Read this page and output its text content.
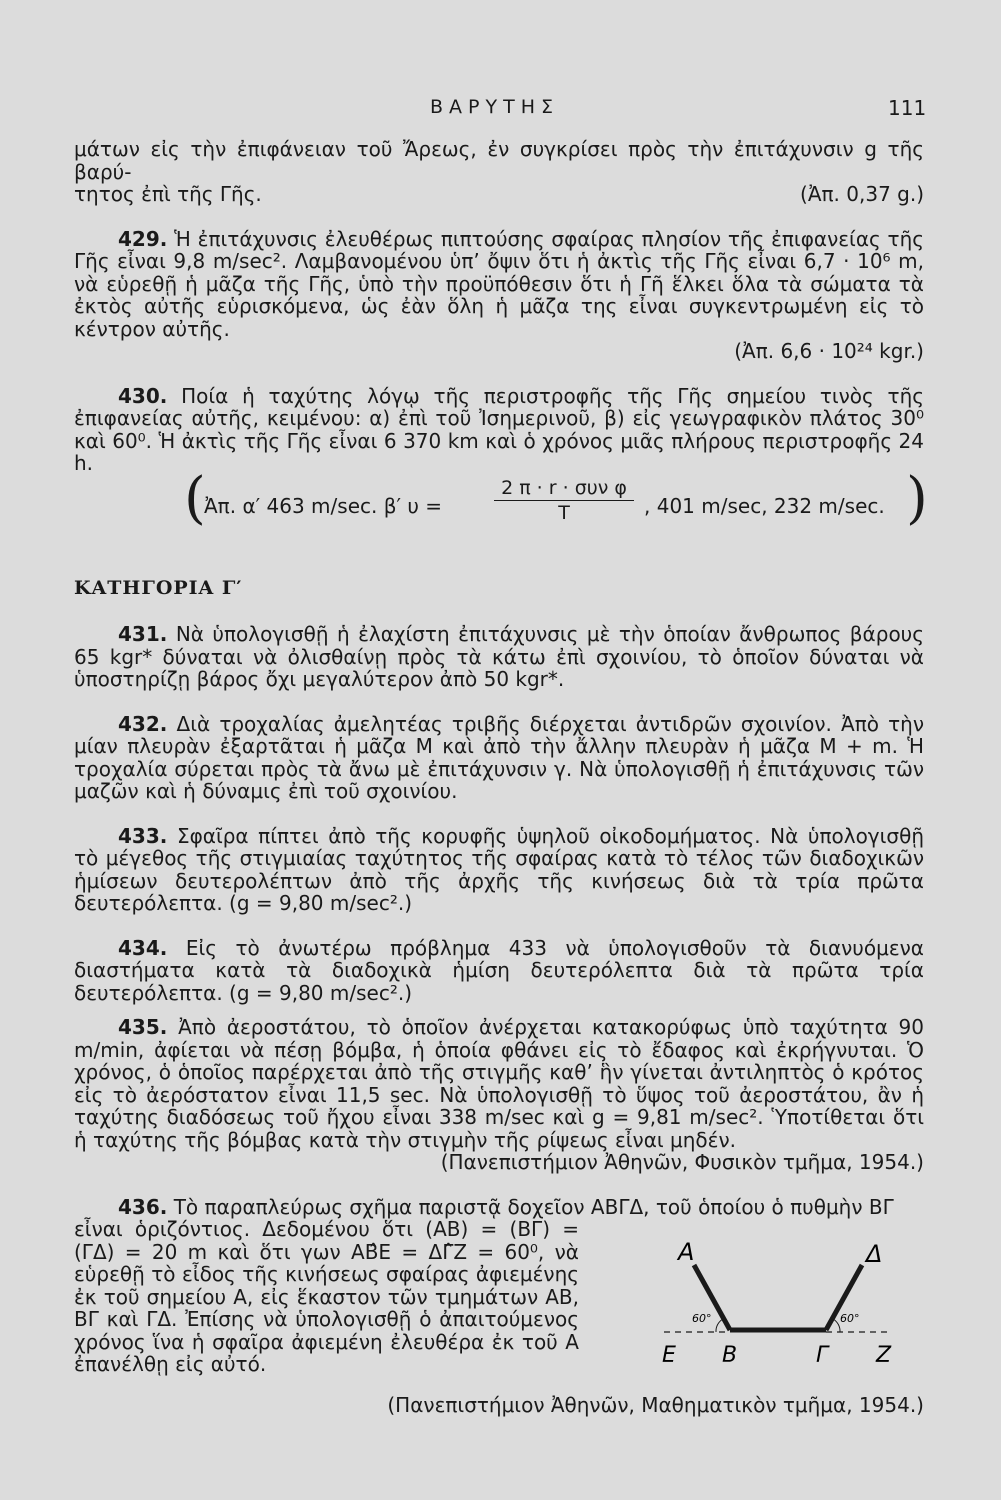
ΒΑΡΥΤΗΣ	111

μάτων εἰς τὴν ἐπιφάνειαν τοῦ Ἄρεως, ἐν συγκρίσει πρὸς τὴν ἐπιτάχυνσιν g τῆς βαρύ-

τητος ἐπὶ τῆς Γῆς.	(Ἀπ. 0,37 g.)

429. Ἡ ἐπιτάχυνσις ἐλευθέρως πιπτούσης σφαίρας πλησίον τῆς ἐπιφανείας τῆς Γῆς εἶναι 9,8 m/sec². Λαμβανομένου ὑπ’ ὄψιν ὅτι ἡ ἀκτὶς τῆς Γῆς εἶναι 6,7 · 10⁶ m, νὰ εὑρεθῇ ἡ μᾶζα τῆς Γῆς, ὑπὸ τὴν προϋπόθεσιν ὅτι ἡ Γῆ ἕλκει ὅλα τὰ σώματα τὰ ἐκτὸς αὐτῆς εὑρισκόμενα, ὡς ἐὰν ὅλη ἡ μᾶζα της εἶναι συγκεντρωμένη εἰς τὸ κέντρον αὐτῆς.

(Ἀπ. 6,6 · 10²⁴ kgr.)

430. Ποία ἡ ταχύτης λόγῳ τῆς περιστροφῆς τῆς Γῆς σημείου τινὸς τῆς ἐπιφανείας αὐτῆς, κειμένου: α) ἐπὶ τοῦ Ἰσημερινοῦ, β) εἰς γεωγραφικὸν πλάτος 30⁰ καὶ 60⁰. Ἡ ἀκτὶς τῆς Γῆς εἶναι 6 370 km καὶ ὁ χρόνος μιᾶς πλήρους περιστροφῆς 24 h.

(
Ἀπ. α′ 463 m/sec. β′ υ =
2 π · r · συν φ
T	, 401 m/sec, 232 m/sec. )

ΚΑΤΗΓΟΡΙΑ Γ′

431. Νὰ ὑπολογισθῇ ἡ ἐλαχίστη ἐπιτάχυνσις μὲ τὴν ὁποίαν ἄνθρωπος βάρους 65 kgr* δύναται νὰ ὀλισθαίνῃ πρὸς τὰ κάτω ἐπὶ σχοινίου, τὸ ὁποῖον δύναται νὰ ὑποστηρίζῃ βάρος ὄχι μεγαλύτερον ἀπὸ 50 kgr*.

432. Διὰ τροχαλίας ἀμελητέας τριβῆς διέρχεται ἀντιδρῶν σχοινίον. Ἀπὸ τὴν μίαν πλευρὰν ἐξαρτᾶται ἡ μᾶζα Μ καὶ ἀπὸ τὴν ἄλλην πλευρὰν ἡ μᾶζα Μ + m. Ἡ τροχαλία σύρεται πρὸς τὰ ἄνω μὲ ἐπιτάχυνσιν γ. Νὰ ὑπολογισθῇ ἡ ἐπιτάχυνσις τῶν μαζῶν καὶ ἡ δύναμις ἐπὶ τοῦ σχοινίου.

433. Σφαῖρα πίπτει ἀπὸ τῆς κορυφῆς ὑψηλοῦ οἰκοδομήματος. Νὰ ὑπολογισθῇ τὸ μέγεθος τῆς στιγμιαίας ταχύτητος τῆς σφαίρας κατὰ τὸ τέλος τῶν διαδοχικῶν ἡμίσεων δευτερολέπτων ἀπὸ τῆς ἀρχῆς τῆς κινήσεως διὰ τὰ τρία πρῶτα δευτερόλεπτα. (g = 9,80 m/sec².)

434. Εἰς τὸ ἀνωτέρω πρόβλημα 433 νὰ ὑπολογισθοῦν τὰ διανυόμενα διαστήματα κατὰ τὰ διαδοχικὰ ἡμίση δευτερόλεπτα διὰ τὰ πρῶτα τρία δευτερόλεπτα. (g = 9,80 m/sec².)

435. Ἀπὸ ἀεροστάτου, τὸ ὁποῖον ἀνέρχεται κατακορύφως ὑπὸ ταχύτητα 90 m/min, ἀφίεται νὰ πέσῃ βόμβα, ἡ ὁποία φθάνει εἰς τὸ ἔδαφος καὶ ἐκρήγνυται. Ὁ χρόνος, ὁ ὁποῖος παρέρχεται ἀπὸ τῆς στιγμῆς καθ’ ἣν γίνεται ἀντιληπτὸς ὁ κρότος εἰς τὸ ἀερόστατον εἶναι 11,5 sec. Νὰ ὑπολογισθῇ τὸ ὕψος τοῦ ἀεροστάτου, ἂν ἡ ταχύτης διαδόσεως τοῦ ἤχου εἶναι 338 m/sec καὶ g = 9,81 m/sec². Ὑποτίθεται ὅτι ἡ ταχύτης τῆς βόμβας κατὰ τὴν στιγμὴν τῆς ρίψεως εἶναι μηδέν.

(Πανεπιστήμιον Ἀθηνῶν, Φυσικὸν τμῆμα, 1954.)

436. Τὸ παραπλεύρως σχῆμα παριστᾷ δοχεῖον ΑΒΓΔ, τοῦ ὁποίου ὁ πυθμὴν ΒΓ

εἶναι ὁριζόντιος. Δεδομένου ὅτι (ΑΒ) = (ΒΓ) = (ΓΔ) = 20 m καὶ ὅτι γων ΑΒ̂Ε = ΔΓ̂Ζ = 60⁰, νὰ εὑρεθῇ τὸ εἶδος τῆς κινήσεως σφαίρας ἀφιεμένης ἐκ τοῦ σημείου Α, εἰς ἕκαστον τῶν τμημάτων ΑΒ, ΒΓ καὶ ΓΔ. Ἐπίσης νὰ ὑπολογισθῇ ὁ ἀπαιτούμενος χρόνος ἵνα ἡ σφαῖρα ἀφιεμένη ἐλευθέρα ἐκ τοῦ Α ἐπανέλθῃ εἰς αὐτό.

Α	Δ
Ε Β	Γ Ζ
60°	60°

(Πανεπιστήμιον Ἀθηνῶν, Μαθηματικὸν τμῆμα, 1954.)
